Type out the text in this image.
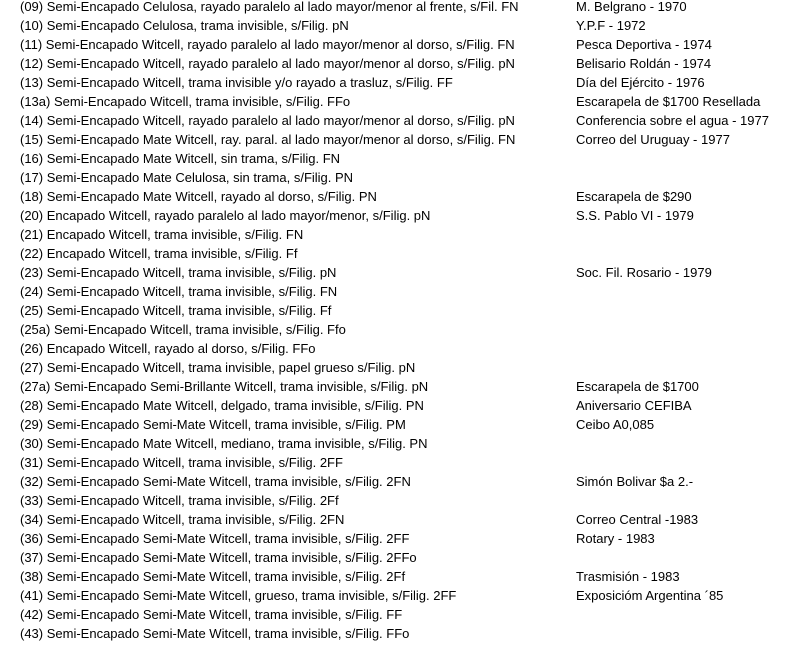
(09) Semi-Encapado Celulosa, rayado paralelo al lado mayor/menor al frente, s/Fil. FN	M. Belgrano - 1970
(10) Semi-Encapado Celulosa, trama invisible, s/Filig. pN	Y.P.F - 1972
(11) Semi-Encapado Witcell, rayado paralelo al lado mayor/menor al dorso, s/Filig. FN	Pesca Deportiva - 1974
(12) Semi-Encapado Witcell, rayado paralelo al lado mayor/menor al dorso, s/Filig. pN	Belisario Roldán - 1974
(13) Semi-Encapado Witcell, trama invisible y/o rayado a trasluz, s/Filig. FF	Día del Ejército - 1976
(13a) Semi-Encapado Witcell, trama invisible, s/Filig. FFo	Escarapela de $1700 Resellada
(14) Semi-Encapado Witcell, rayado paralelo al lado mayor/menor al dorso, s/Filig. pN	Conferencia sobre el agua - 1977
(15) Semi-Encapado Mate Witcell, ray. paral. al lado mayor/menor al dorso, s/Filig. FN	Correo del Uruguay - 1977
(16) Semi-Encapado Mate Witcell, sin trama, s/Filig. FN
(17) Semi-Encapado Mate Celulosa, sin trama, s/Filig. PN
(18) Semi-Encapado Mate Witcell, rayado al dorso, s/Filig. PN	Escarapela de $290
(20) Encapado Witcell, rayado paralelo al lado mayor/menor, s/Filig. pN	S.S. Pablo VI - 1979
(21) Encapado Witcell, trama invisible, s/Filig. FN
(22) Encapado Witcell, trama invisible, s/Filig. Ff
(23) Semi-Encapado Witcell, trama invisible, s/Filig. pN	Soc. Fil. Rosario - 1979
(24) Semi-Encapado Witcell, trama invisible, s/Filig. FN
(25) Semi-Encapado Witcell, trama invisible, s/Filig. Ff
(25a) Semi-Encapado Witcell, trama invisible, s/Filig. Ffo
(26) Encapado Witcell, rayado al dorso, s/Filig. FFo
(27) Semi-Encapado Witcell, trama invisible, papel grueso s/Filig. pN
(27a) Semi-Encapado Semi-Brillante Witcell, trama invisible, s/Filig. pN	Escarapela de $1700
(28) Semi-Encapado Mate Witcell, delgado, trama invisible, s/Filig. PN	Aniversario CEFIBA
(29) Semi-Encapado Semi-Mate Witcell, trama invisible, s/Filig. PM	Ceibo A0,085
(30) Semi-Encapado Mate Witcell, mediano, trama invisible, s/Filig. PN
(31) Semi-Encapado Witcell, trama invisible, s/Filig. 2FF
(32) Semi-Encapado Semi-Mate Witcell, trama invisible, s/Filig. 2FN	Simón Bolivar $a 2.-
(33) Semi-Encapado Witcell, trama invisible, s/Filig. 2Ff
(34) Semi-Encapado Witcell, trama invisible, s/Filig. 2FN	Correo Central -1983
(36) Semi-Encapado Semi-Mate Witcell, trama invisible, s/Filig. 2FF	Rotary - 1983
(37) Semi-Encapado Semi-Mate Witcell, trama invisible, s/Filig. 2FFo
(38) Semi-Encapado Semi-Mate Witcell, trama invisible, s/Filig. 2Ff	Trasmisión - 1983
(41) Semi-Encapado Semi-Mate Witcell, grueso, trama invisible, s/Filig. 2FF	Exposicióm Argentina ´85
(42) Semi-Encapado Semi-Mate Witcell, trama invisible, s/Filig. FF
(43) Semi-Encapado Semi-Mate Witcell, trama invisible, s/Filig. FFo
